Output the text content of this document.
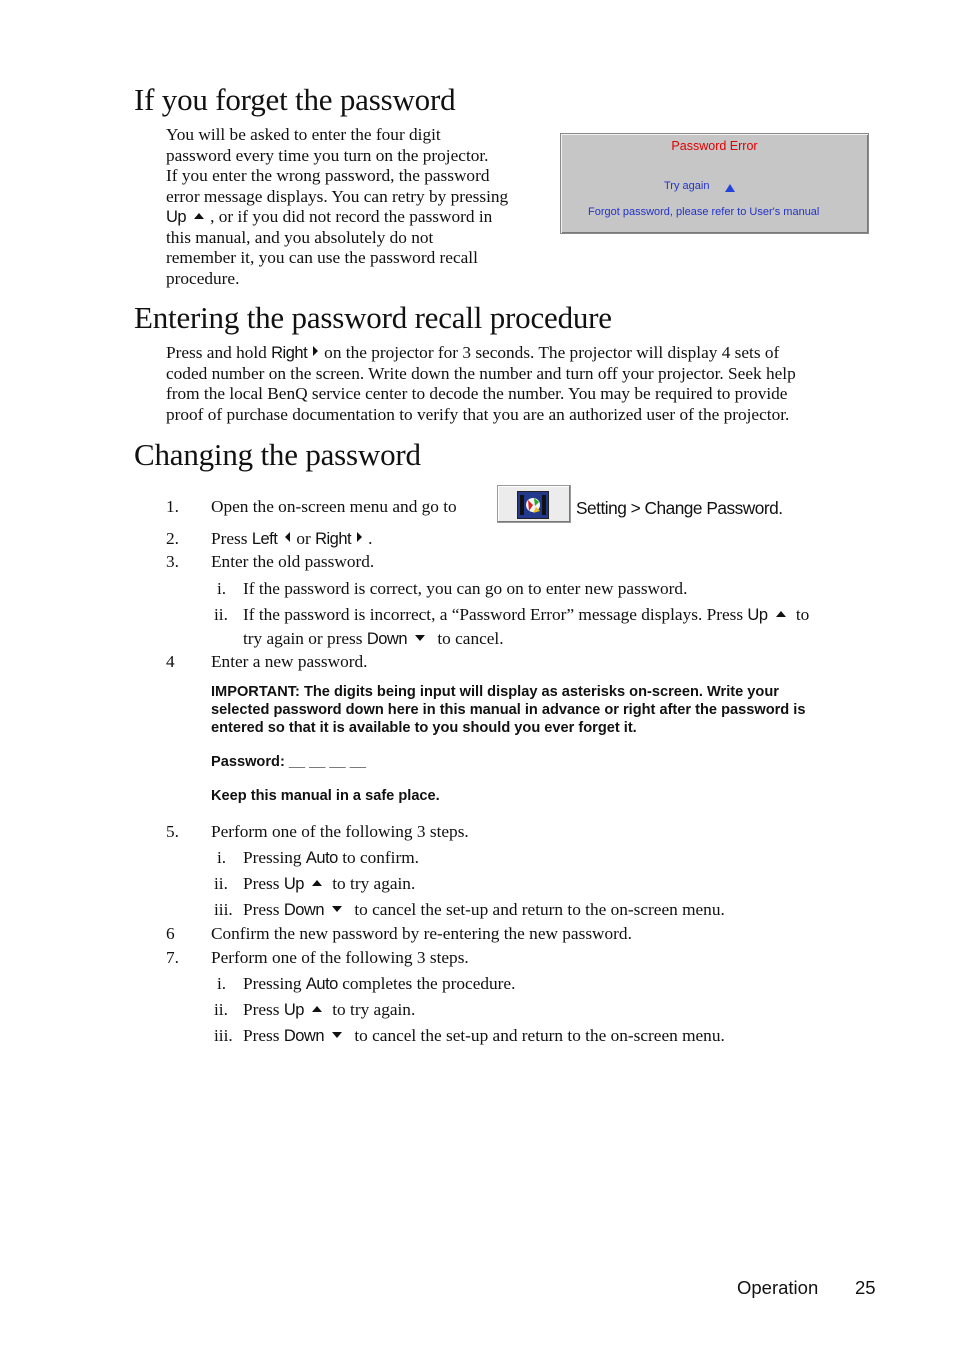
If you forget the password

You will be asked to enter the four digit

password every time you turn on the projector.

If you enter the wrong password, the password

error message displays. You can retry by pressing

Up , or if you did not record the password in

this manual, and you absolutely do not

remember it, you can use the password recall

procedure.

Password Error
Try again
Forgot password, please refer to User's manual
Entering the password recall procedure

Press and hold Right on the projector for 3 seconds. The projector will display 4 sets of

coded number on the screen. Write down the number and turn off your projector. Seek help

from the local BenQ service center to decode the number. You may be required to provide

proof of purchase documentation to verify that you are an authorized user of the projector.

Changing the password
1. Open the on-screen menu and go to	Setting > Change Password.
2. Press Left or Right .
3. Enter the old password.
i. If the password is correct, you can go on to enter new password.
ii. If the password is incorrect, a “Password Error” message displays. Press Up to
try again or press Down to cancel.
4 Enter a new password.
IMPORTANT: The digits being input will display as asterisks on-screen. Write your
selected password down here in this manual in advance or right after the password is
entered so that it is available to you should you ever forget it.
Password: __ __ __ __
Keep this manual in a safe place.
5. Perform one of the following 3 steps.
i. Pressing Auto to confirm.
ii. Press Up to try again.
iii. Press Down to cancel the set-up and return to the on-screen menu.
6 Confirm the new password by re-entering the new password.
7. Perform one of the following 3 steps.
i. Pressing Auto completes the procedure.
ii. Press Up to try again.
iii. Press Down to cancel the set-up and return to the on-screen menu.
Operation 25
